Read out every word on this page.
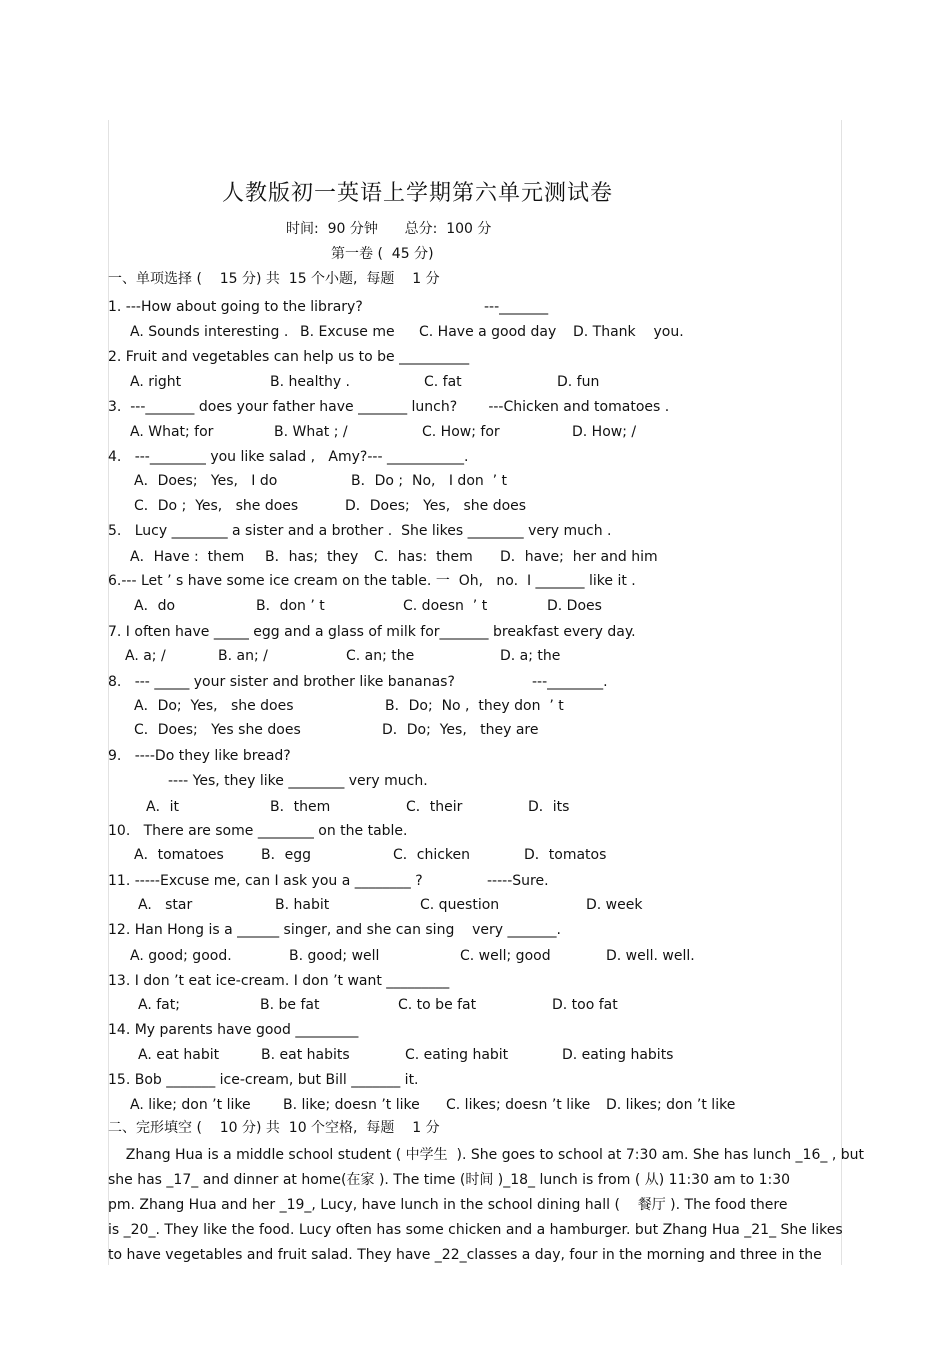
人教版初一英语上学期第六单元测试卷
时间:  90 分钟      总分:  100 分
第一卷 (  45 分)
一、单项选择 (    15 分) 共  15 个小题,  每题    1 分
1. ---How about going to the library?	---_______
A. Sounds interesting . B. Excuse me C. Have a good day D. Thank    you.
2. Fruit and vegetables can help us to be __________
A. right	B. healthy .	C. fat	D. fun
3.  ---_______ does your father have _______ lunch?       ---Chicken and tomatoes .
A. What; for	B. What ; /	C. How; for	D. How; /
4.   ---________ you like salad ,   Amy?--- ___________.
A．Does;   Yes,   I do	B．Do ;  No,   I don  ’ t
C．Do ;  Yes,   she does	D．Does;   Yes,   she does
5.   Lucy ________ a sister and a brother .  She likes ________ very much .
A．Have :  them B．has;  they C．has:  them D．have;  her and him
6.--- Let ’ s have some ice cream on the table. 一  Oh,   no.  I _______ like it .
A．do	B．don ’ t	C. doesn  ’ t	D. Does
7. I often have _____ egg and a glass of milk for_______ breakfast every day.
A. a; /	B. an; /	C. an; the	D. a; the
8.   --- _____ your sister and brother like bananas?	---________.
A．Do;  Yes,   she does	B．Do;  No ,  they don  ’ t
C．Does;   Yes she does	D．Do;  Yes,   they are
9.   ----Do they like bread?
---- Yes, they like ________ very much.
A．it	B．them	C．their	D．its
10.   There are some ________ on the table.
A．tomatoes	B．egg	C．chicken	D．tomatos
11. -----Excuse me, can I ask you a ________ ?	-----Sure.
A.   star	B. habit	C. question	D. week
12. Han Hong is a ______ singer, and she can sing    very _______.
A. good; good.	B. good; well	C. well; good	D. well. well.
13. I don ’t eat ice-cream. I don ’t want _________
A. fat;	B. be fat	C. to be fat	D. too fat
14. My parents have good _________
A. eat habit	B. eat habits	C. eating habit	D. eating habits
15. Bob _______ ice-cream, but Bill _______ it.
A. like; don ’t like B. like; doesn ’t like C. likes; doesn ’t like D. likes; don ’t like
二、完形填空 (    10 分) 共  10 个空格,  每题    1 分
Zhang Hua is a middle school student ( 中学生  ). She goes to school at 7:30 am. She has lunch _16_ , but
she has _17_ and dinner at home(在家 ). The time (时间 )_18_ lunch is from ( 从) 11:30 am to 1:30
pm. Zhang Hua and her _19_, Lucy, have lunch in the school dining hall (    餐厅 ). The food there
is _20_. They like the food. Lucy often has some chicken and a hamburger. but Zhang Hua _21_ She likes
to have vegetables and fruit salad. They have _22_classes a day, four in the morning and three in the
